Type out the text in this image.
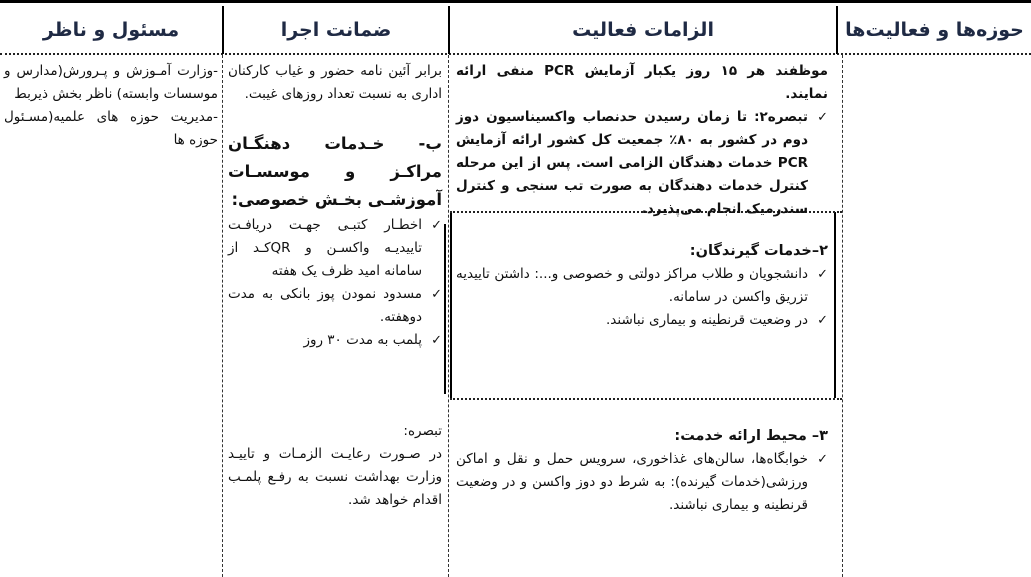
حوزه‌ها و فعالیت‌ها
الزامات فعالیت
ضمانت اجرا
مسئول و ناظر
موظفند هر ۱۵ روز یکبار آزمایش PCR منفی ارائه نمایند.
✓
تبصره۲: تا زمان رسیدن حدنصاب واکسیناسیون دوز دوم در کشور به ۸۰٪ جمعیت کل کشور ارائه آزمایش PCR خدمات دهندگان الزامی است. پس از این مرحله کنترل خدمات دهندگان به صورت تب سنجی و کنترل سندرمیک انجام می‌پذیرد.
۲–خدمات گیرندگان:
✓
دانشجویان و طلاب مراکز دولتی و خصوصی و...: داشتن تاییدیه تزریق واکسن در سامانه.
✓
در وضعیت قرنطینه و بیماری نباشند.
۳– محیط ارائه خدمت:
✓
خوابگاه‌ها، سالن‌های غذاخوری، سرویس حمل و نقل و اماکن ورزشی(خدمات گیرنده): به شرط دو دوز واکسن و در وضعیت قرنطینه و بیماری نباشند.
برابر آئین نامه حضور و غیاب کارکنان اداری به نسبت تعداد روزهای غیبت.
ب- خـدمات دهنگـان مراکـز و موسسـات آموزشـی بخـش خصوصی:
✓
اخطـار کتبـی جهـت دریافـت تاییدیـه واکسـن و QRکـد از سامانه امید ظرف یک هفته
✓
مسدود نمودن پوز بانکی به مدت دوهفته.
✓
پلمب به مدت ۳۰ روز
تبصره:
در صـورت رعایـت الزمـات و تاییـد وزارت بهداشت نسبت به رفـع پلمـب اقدام خواهد شد.
-وزارت آمـوزش و پـرورش(مدارس و موسسات وابسته) ناظر بخش ذیربط
-مدیریت حوزه های علمیه(مسـئول حوزه ها
